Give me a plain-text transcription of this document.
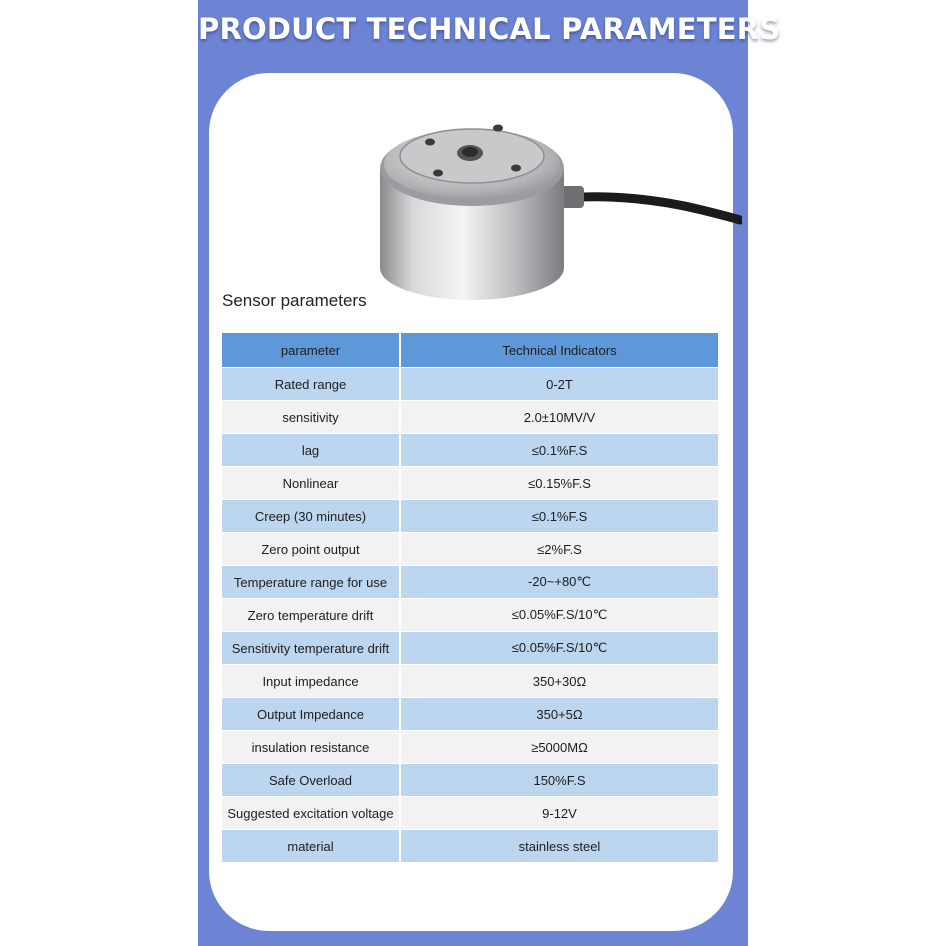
PRODUCT TECHNICAL PARAMETERS
Sensor parameters
parameter	Technical Indicators
Rated range	0-2T
sensitivity	2.0±10MV/V
lag	≤0.1%F.S
Nonlinear	≤0.15%F.S
Creep (30 minutes)	≤0.1%F.S
Zero point output	≤2%F.S
Temperature range for use	-20~+80℃
Zero temperature drift	≤0.05%F.S/10℃
Sensitivity temperature drift	≤0.05%F.S/10℃
Input impedance	350+30Ω
Output Impedance	350+5Ω
insulation resistance	≥5000MΩ
Safe Overload	150%F.S
Suggested excitation voltage	9-12V
material	stainless steel
